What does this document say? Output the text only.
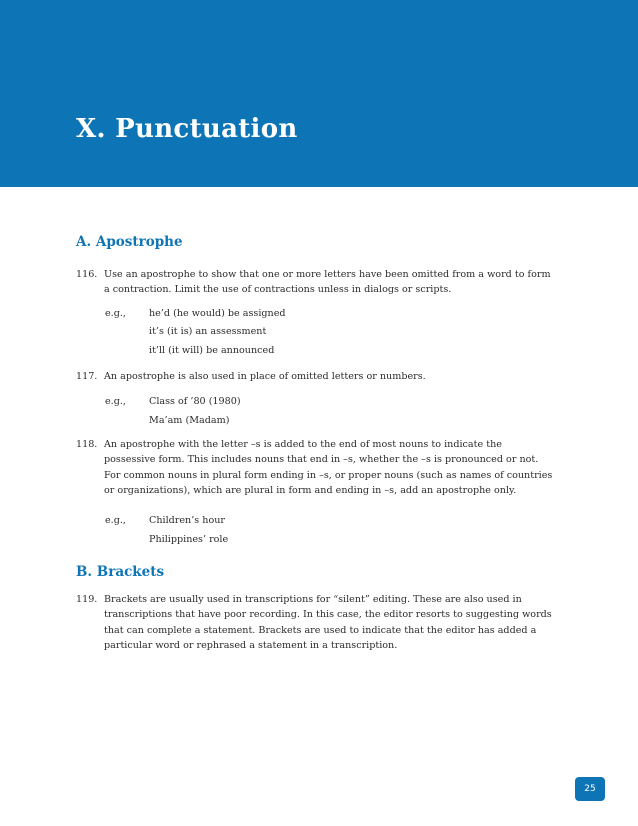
X. Punctuation
A. Apostrophe
116. Use an apostrophe to show that one or more letters have been omitted from a word to form a contraction. Limit the use of contractions unless in dialogs or scripts.
e.g., he’d (he would) be assigned
it’s (it is) an assessment
it’ll (it will) be announced
117. An apostrophe is also used in place of omitted letters or numbers.
e.g., Class of ’80 (1980)
Ma’am (Madam)
118. An apostrophe with the letter –s is added to the end of most nouns to indicate the possessive form. This includes nouns that end in –s, whether the –s is pronounced or not. For common nouns in plural form ending in –s, or proper nouns (such as names of countries or organizations), which are plural in form and ending in –s, add an apostrophe only.
e.g., Children’s hour
Philippines’ role
B. Brackets
119. Brackets are usually used in transcriptions for “silent” editing. These are also used in transcriptions that have poor recording. In this case, the editor resorts to suggesting words that can complete a statement. Brackets are used to indicate that the editor has added a particular word or rephrased a statement in a transcription.
25
